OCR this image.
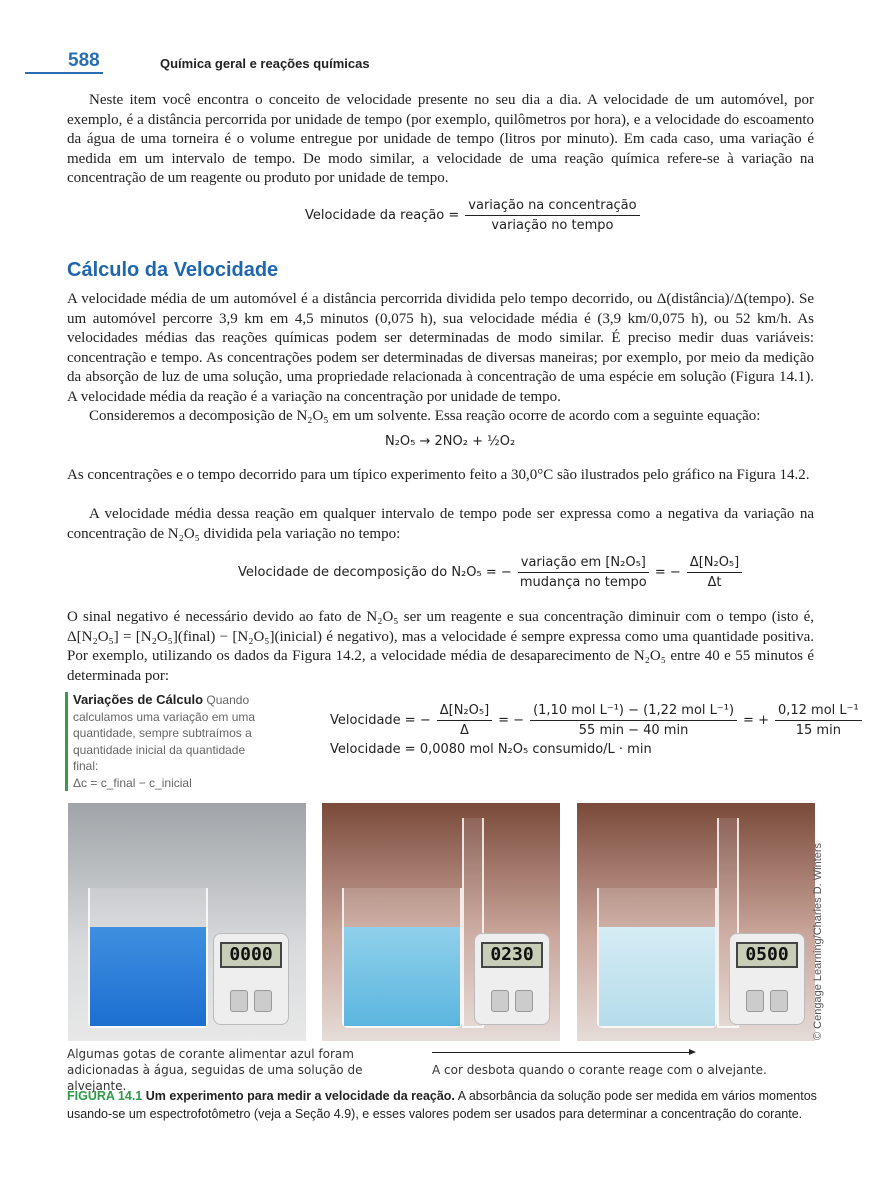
588	Química geral e reações químicas

Neste item você encontra o conceito de velocidade presente no seu dia a dia. A velocidade de um automóvel, por exemplo, é a distância percorrida por unidade de tempo (por exemplo, quilômetros por hora), e a velocidade do escoamento da água de uma torneira é o volume entregue por unidade de tempo (litros por minuto). Em cada caso, uma variação é medida em um intervalo de tempo. De modo similar, a velocidade de uma reação química refere-se à variação na concentração de um reagente ou produto por unidade de tempo.

Velocidade da reação = $\frac{\text{variação na concentração}}{\text{variação no tempo}}$
Cálculo da Velocidade

A velocidade média de um automóvel é a distância percorrida dividida pelo tempo decorrido, ou Δ(distância)/Δ(tempo). Se um automóvel percorre 3,9 km em 4,5 minutos (0,075 h), sua velocidade média é (3,9 km/0,075 h), ou 52 km/h. As velocidades médias das reações químicas podem ser determinadas de modo similar. É preciso medir duas variáveis: concentração e tempo. As concentrações podem ser determinadas de diversas maneiras; por exemplo, por meio da medição da absorção de luz de uma solução, uma propriedade relacionada à concentração de uma espécie em solução (Figura 14.1). A velocidade média da reação é a variação na concentração por unidade de tempo.

Consideremos a decomposição de N₂O₅ em um solvente. Essa reação ocorre de acordo com a seguinte equação:

N₂O₅ → 2NO₂ + ½O₂

As concentrações e o tempo decorrido para um típico experimento feito a 30,0°C são ilustrados pelo gráfico na Figura 14.2.

A velocidade média dessa reação em qualquer intervalo de tempo pode ser expressa como a negativa da variação na concentração de N₂O₅ dividida pela variação no tempo:

Velocidade de decomposição do N₂O₅ = − $\frac{\text{variação em [N₂O₅]}}{\text{mudança no tempo}}$ = − $\frac{\text{Δ[N₂O₅]}}{\Delta t}$

O sinal negativo é necessário devido ao fato de N₂O₅ ser um reagente e sua concentração diminuir com o tempo (isto é, Δ[N₂O₅] = [N₂O₅](final) − [N₂O₅](inicial) é negativo), mas a velocidade é sempre expressa como uma quantidade positiva. Por exemplo, utilizando os dados da Figura 14.2, a velocidade média de desaparecimento de N₂O₅ entre 40 e 55 minutos é determinada por:

Variações de Cálculo Quando calculamos uma variação em uma quantidade, sempre subtraímos a quantidade inicial da quantidade final:
Δc = c_final − c_inicial
Velocidade = − $\frac{\text{Δ[N₂O₅]}}{\Delta}$ = − $\frac{\text{(1,10 mol L⁻¹) − (1,22 mol L⁻¹)}}{55 \min - 40 \min}$ = + $\frac{\text{0,12 mol L⁻¹}}{15 \min}$
Velocidade = 0,0080 mol N₂O₅ consumido/L · min
0000	0230	0500	© Cengage Learning/Charles D. Winters
Algumas gotas de corante alimentar azul foram adicionadas à água, seguidas de uma solução de alvejante.
A cor desbota quando o corante reage com o alvejante.
FIGURA 14.1 Um experimento para medir a velocidade da reação. A absorbância da solução pode ser medida em vários momentos usando-se um espectrofotômetro (veja a Seção 4.9), e esses valores podem ser usados para determinar a concentração do corante.
